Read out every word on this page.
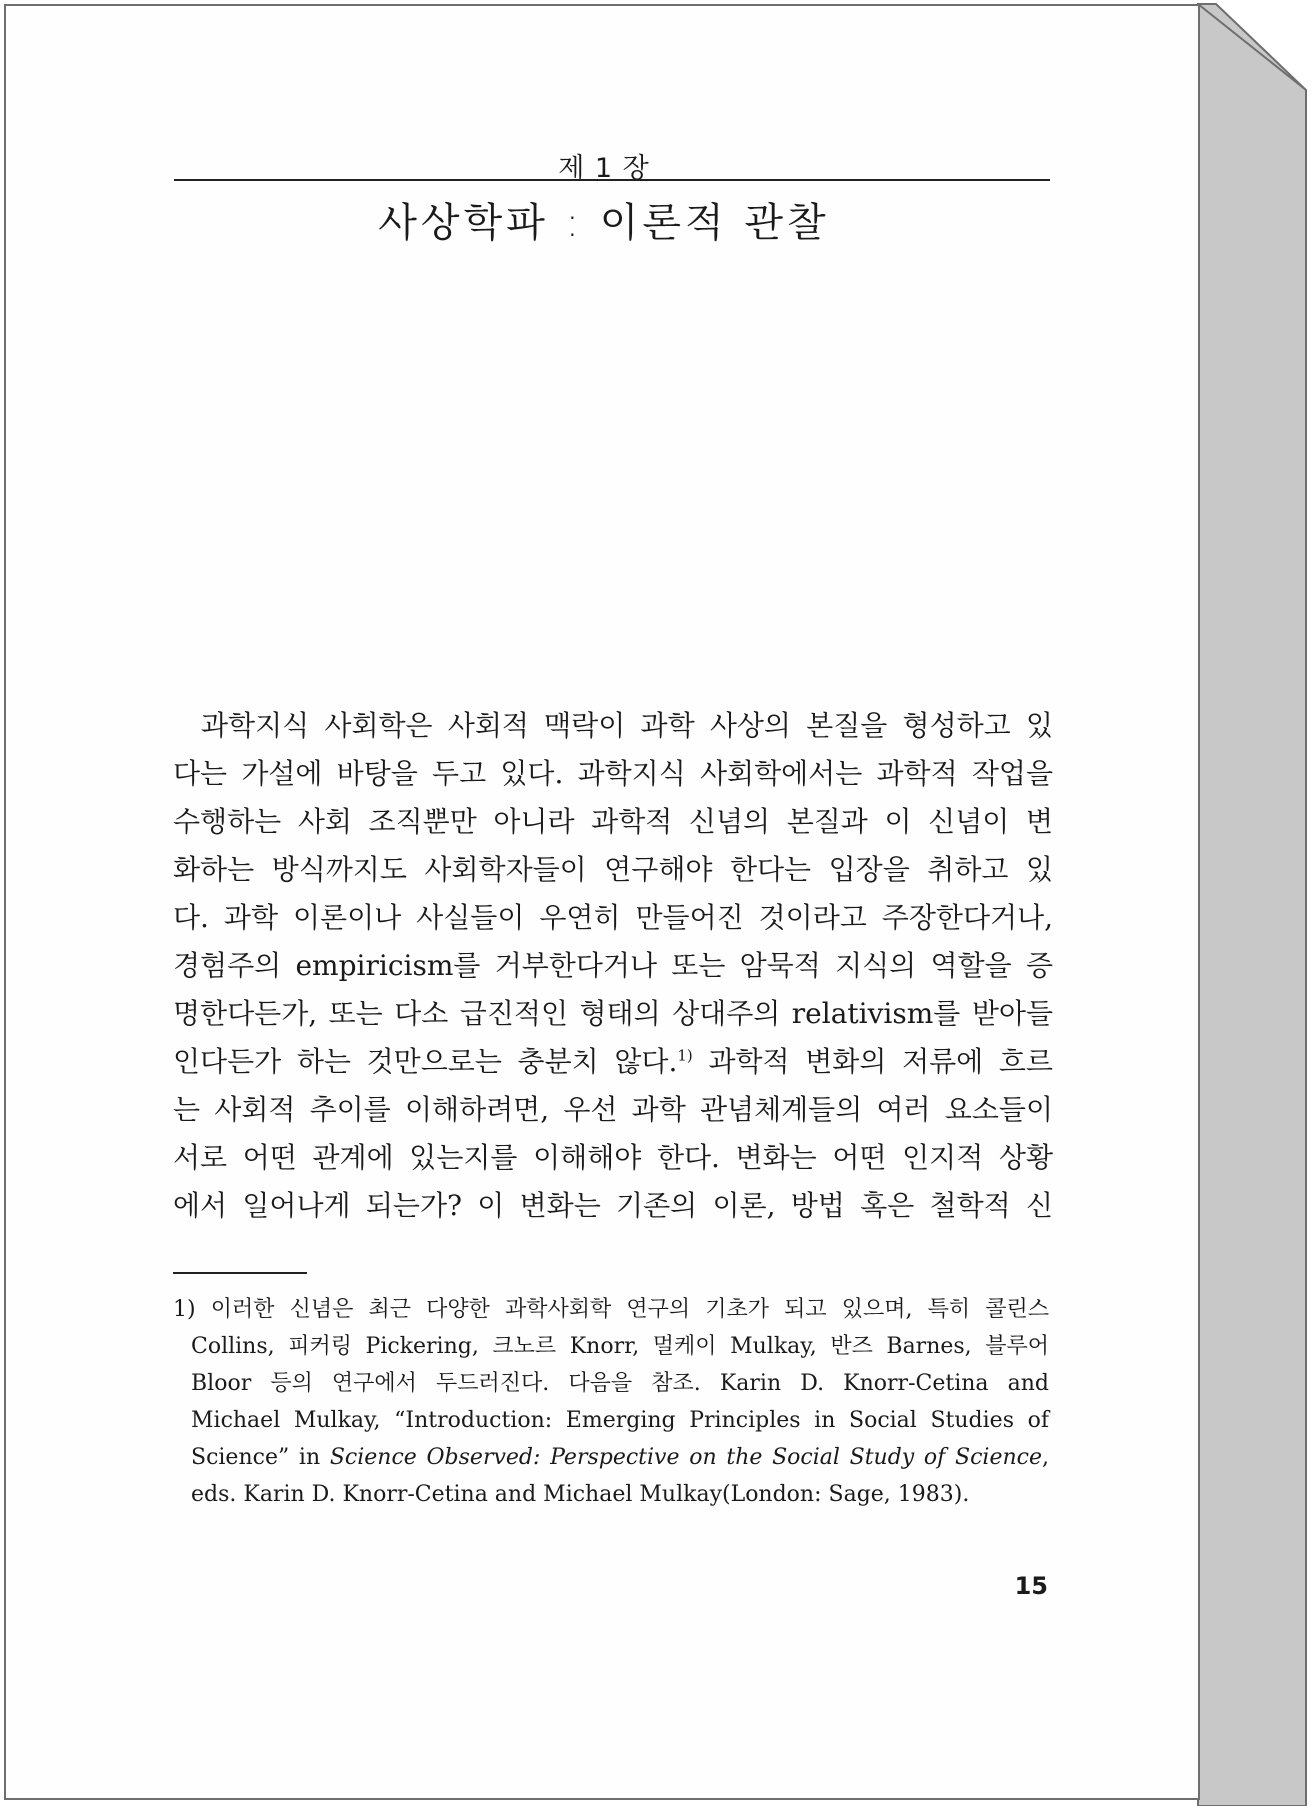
제 1 장
사상학파 : 이론적 관찰
과학지식 사회학은 사회적 맥락이 과학 사상의 본질을 형성하고 있
다는 가설에 바탕을 두고 있다. 과학지식 사회학에서는 과학적 작업을
수행하는 사회 조직뿐만 아니라 과학적 신념의 본질과 이 신념이 변
화하는 방식까지도 사회학자들이 연구해야 한다는 입장을 취하고 있
다. 과학 이론이나 사실들이 우연히 만들어진 것이라고 주장한다거나,
경험주의 empiricism를 거부한다거나 또는 암묵적 지식의 역할을 증
명한다든가, 또는 다소 급진적인 형태의 상대주의 relativism를 받아들
인다든가 하는 것만으로는 충분치 않다.$^{1)}$ 과학적 변화의 저류에 흐르
는 사회적 추이를 이해하려면, 우선 과학 관념체계들의 여러 요소들이
서로 어떤 관계에 있는지를 이해해야 한다. 변화는 어떤 인지적 상황
에서 일어나게 되는가? 이 변화는 기존의 이론, 방법 혹은 철학적 신
1) 이러한 신념은 최근 다양한 과학사회학 연구의 기초가 되고 있으며, 특히 콜린스
Collins, 피커링 Pickering, 크노르 Knorr, 멀케이 Mulkay, 반즈 Barnes, 블루어
Bloor 등의 연구에서 두드러진다. 다음을 참조. Karin D. Knorr-Cetina and
Michael Mulkay, “Introduction: Emerging Principles in Social Studies of
Science” in Science Observed: Perspective on the Social Study of Science,
eds. Karin D. Knorr-Cetina and Michael Mulkay(London: Sage, 1983).
15
